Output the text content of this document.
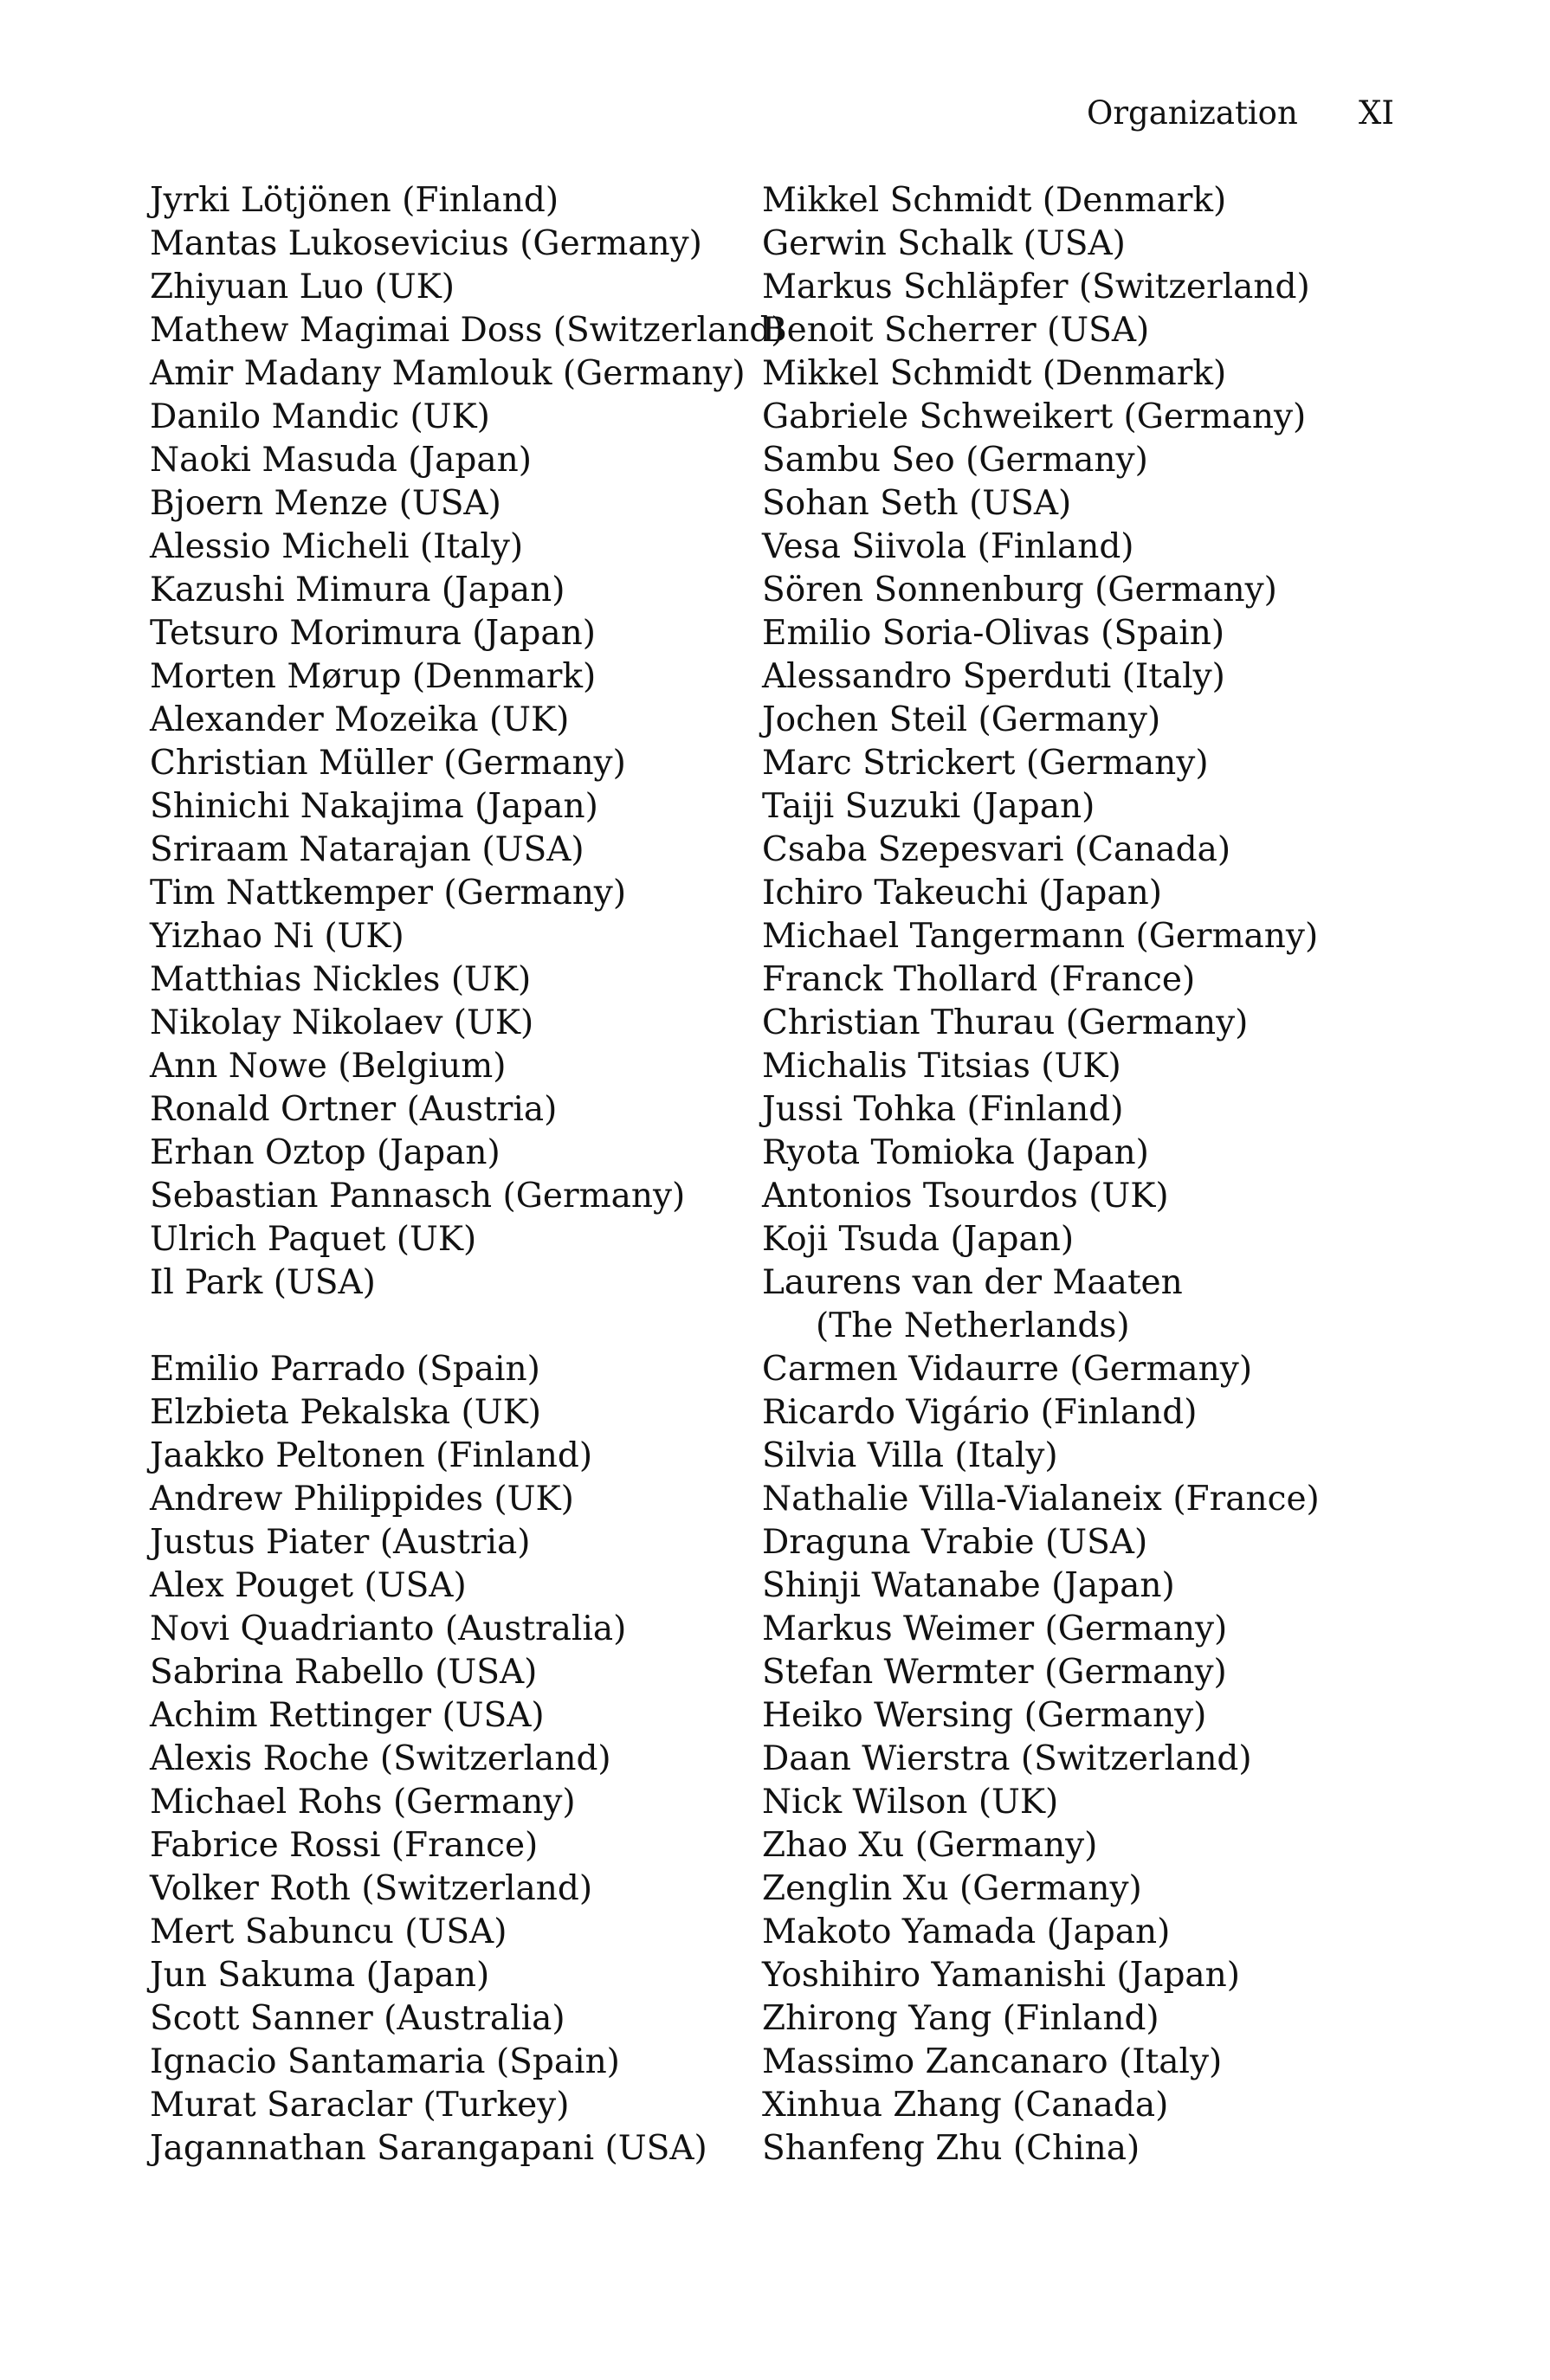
Organization XI
Jyrki Lötjönen (Finland)
Mantas Lukosevicius (Germany)
Zhiyuan Luo (UK)
Mathew Magimai Doss (Switzerland)
Amir Madany Mamlouk (Germany)
Danilo Mandic (UK)
Naoki Masuda (Japan)
Bjoern Menze (USA)
Alessio Micheli (Italy)
Kazushi Mimura (Japan)
Tetsuro Morimura (Japan)
Morten Mørup (Denmark)
Alexander Mozeika (UK)
Christian Müller (Germany)
Shinichi Nakajima (Japan)
Sriraam Natarajan (USA)
Tim Nattkemper (Germany)
Yizhao Ni (UK)
Matthias Nickles (UK)
Nikolay Nikolaev (UK)
Ann Nowe (Belgium)
Ronald Ortner (Austria)
Erhan Oztop (Japan)
Sebastian Pannasch (Germany)
Ulrich Paquet (UK)
Il Park (USA)
Emilio Parrado (Spain)
Elzbieta Pekalska (UK)
Jaakko Peltonen (Finland)
Andrew Philippides (UK)
Justus Piater (Austria)
Alex Pouget (USA)
Novi Quadrianto (Australia)
Sabrina Rabello (USA)
Achim Rettinger (USA)
Alexis Roche (Switzerland)
Michael Rohs (Germany)
Fabrice Rossi (France)
Volker Roth (Switzerland)
Mert Sabuncu (USA)
Jun Sakuma (Japan)
Scott Sanner (Australia)
Ignacio Santamaria (Spain)
Murat Saraclar (Turkey)
Jagannathan Sarangapani (USA)
Mikkel Schmidt (Denmark)
Gerwin Schalk (USA)
Markus Schläpfer (Switzerland)
Benoit Scherrer (USA)
Mikkel Schmidt (Denmark)
Gabriele Schweikert (Germany)
Sambu Seo (Germany)
Sohan Seth (USA)
Vesa Siivola (Finland)
Sören Sonnenburg (Germany)
Emilio Soria-Olivas (Spain)
Alessandro Sperduti (Italy)
Jochen Steil (Germany)
Marc Strickert (Germany)
Taiji Suzuki (Japan)
Csaba Szepesvari (Canada)
Ichiro Takeuchi (Japan)
Michael Tangermann (Germany)
Franck Thollard (France)
Christian Thurau (Germany)
Michalis Titsias (UK)
Jussi Tohka (Finland)
Ryota Tomioka (Japan)
Antonios Tsourdos (UK)
Koji Tsuda (Japan)
Laurens van der Maaten
(The Netherlands)
Carmen Vidaurre (Germany)
Ricardo Vigário (Finland)
Silvia Villa (Italy)
Nathalie Villa-Vialaneix (France)
Draguna Vrabie (USA)
Shinji Watanabe (Japan)
Markus Weimer (Germany)
Stefan Wermter (Germany)
Heiko Wersing (Germany)
Daan Wierstra (Switzerland)
Nick Wilson (UK)
Zhao Xu (Germany)
Zenglin Xu (Germany)
Makoto Yamada (Japan)
Yoshihiro Yamanishi (Japan)
Zhirong Yang (Finland)
Massimo Zancanaro (Italy)
Xinhua Zhang (Canada)
Shanfeng Zhu (China)
